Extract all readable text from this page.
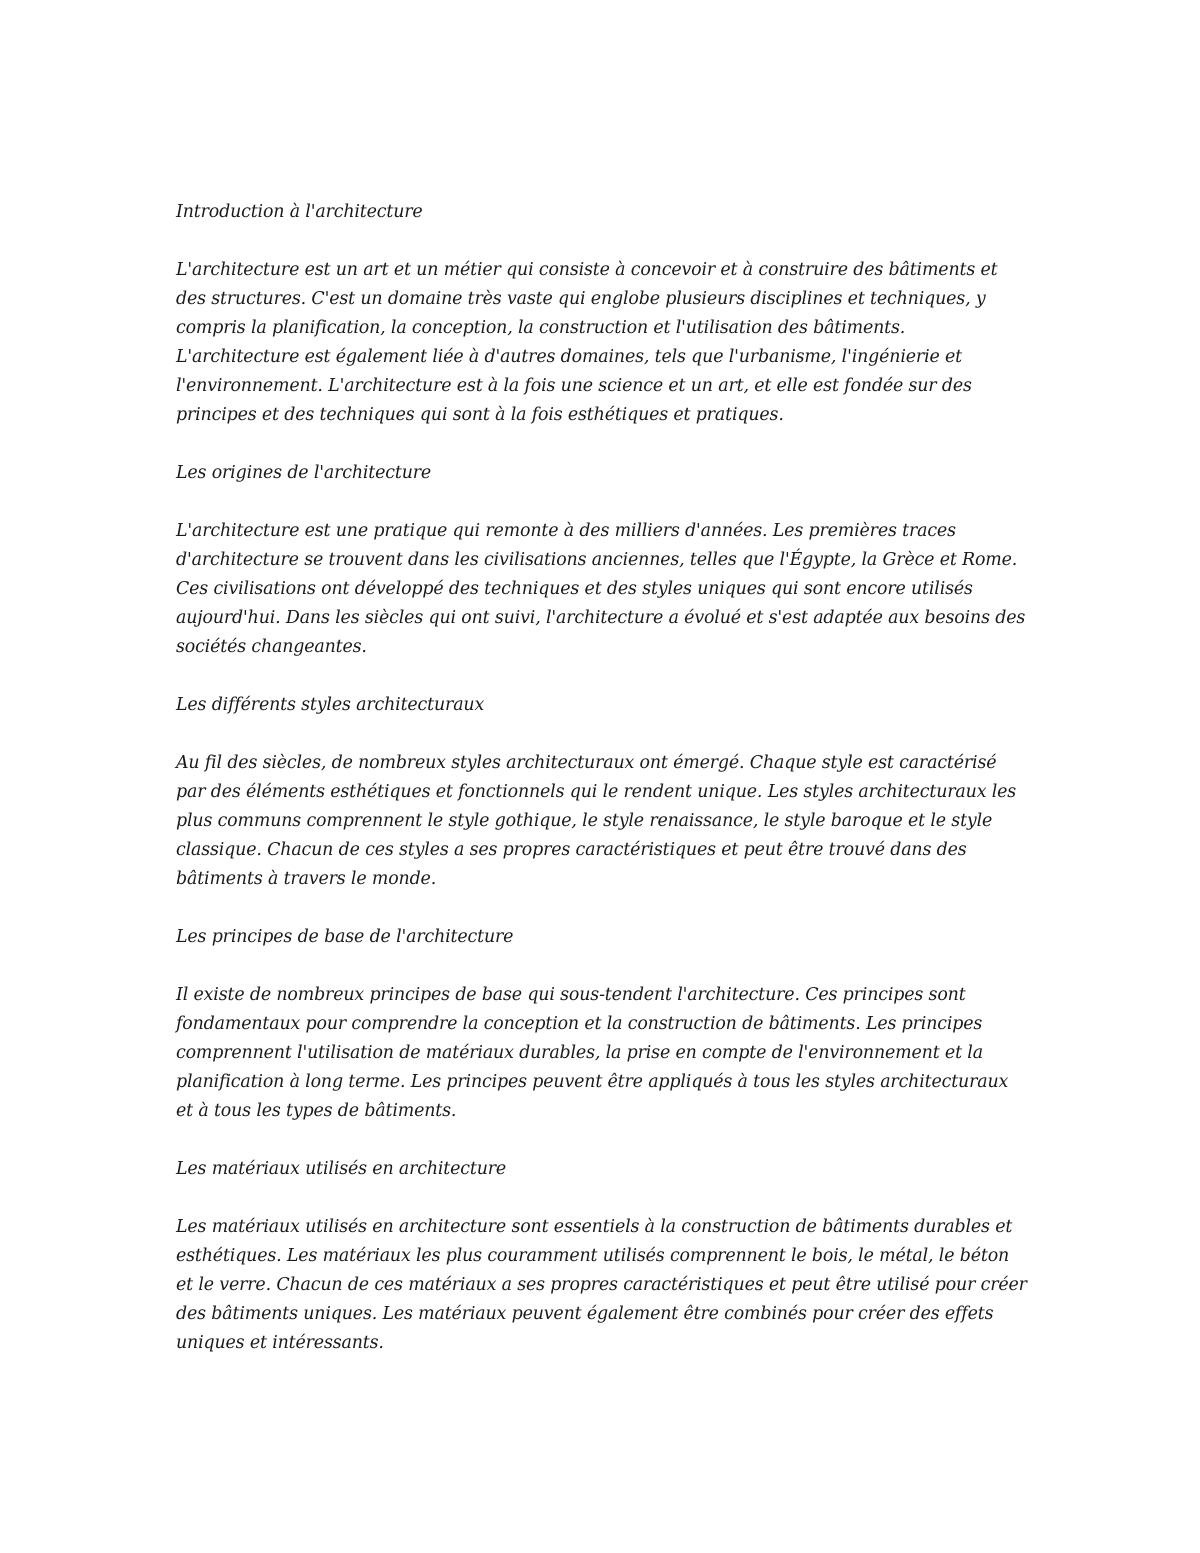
Introduction à l'architecture
L'architecture est un art et un métier qui consiste à concevoir et à construire des bâtiments et des structures. C'est un domaine très vaste qui englobe plusieurs disciplines et techniques, y compris la planification, la conception, la construction et l'utilisation des bâtiments. L'architecture est également liée à d'autres domaines, tels que l'urbanisme, l'ingénierie et l'environnement. L'architecture est à la fois une science et un art, et elle est fondée sur des principes et des techniques qui sont à la fois esthétiques et pratiques.
Les origines de l'architecture
L'architecture est une pratique qui remonte à des milliers d'années. Les premières traces d'architecture se trouvent dans les civilisations anciennes, telles que l'Égypte, la Grèce et Rome. Ces civilisations ont développé des techniques et des styles uniques qui sont encore utilisés aujourd'hui. Dans les siècles qui ont suivi, l'architecture a évolué et s'est adaptée aux besoins des sociétés changeantes.
Les différents styles architecturaux
Au fil des siècles, de nombreux styles architecturaux ont émergé. Chaque style est caractérisé par des éléments esthétiques et fonctionnels qui le rendent unique. Les styles architecturaux les plus communs comprennent le style gothique, le style renaissance, le style baroque et le style classique. Chacun de ces styles a ses propres caractéristiques et peut être trouvé dans des bâtiments à travers le monde.
Les principes de base de l'architecture
Il existe de nombreux principes de base qui sous-tendent l'architecture. Ces principes sont fondamentaux pour comprendre la conception et la construction de bâtiments. Les principes comprennent l'utilisation de matériaux durables, la prise en compte de l'environnement et la planification à long terme. Les principes peuvent être appliqués à tous les styles architecturaux et à tous les types de bâtiments.
Les matériaux utilisés en architecture
Les matériaux utilisés en architecture sont essentiels à la construction de bâtiments durables et esthétiques. Les matériaux les plus couramment utilisés comprennent le bois, le métal, le béton et le verre. Chacun de ces matériaux a ses propres caractéristiques et peut être utilisé pour créer des bâtiments uniques. Les matériaux peuvent également être combinés pour créer des effets uniques et intéressants.
